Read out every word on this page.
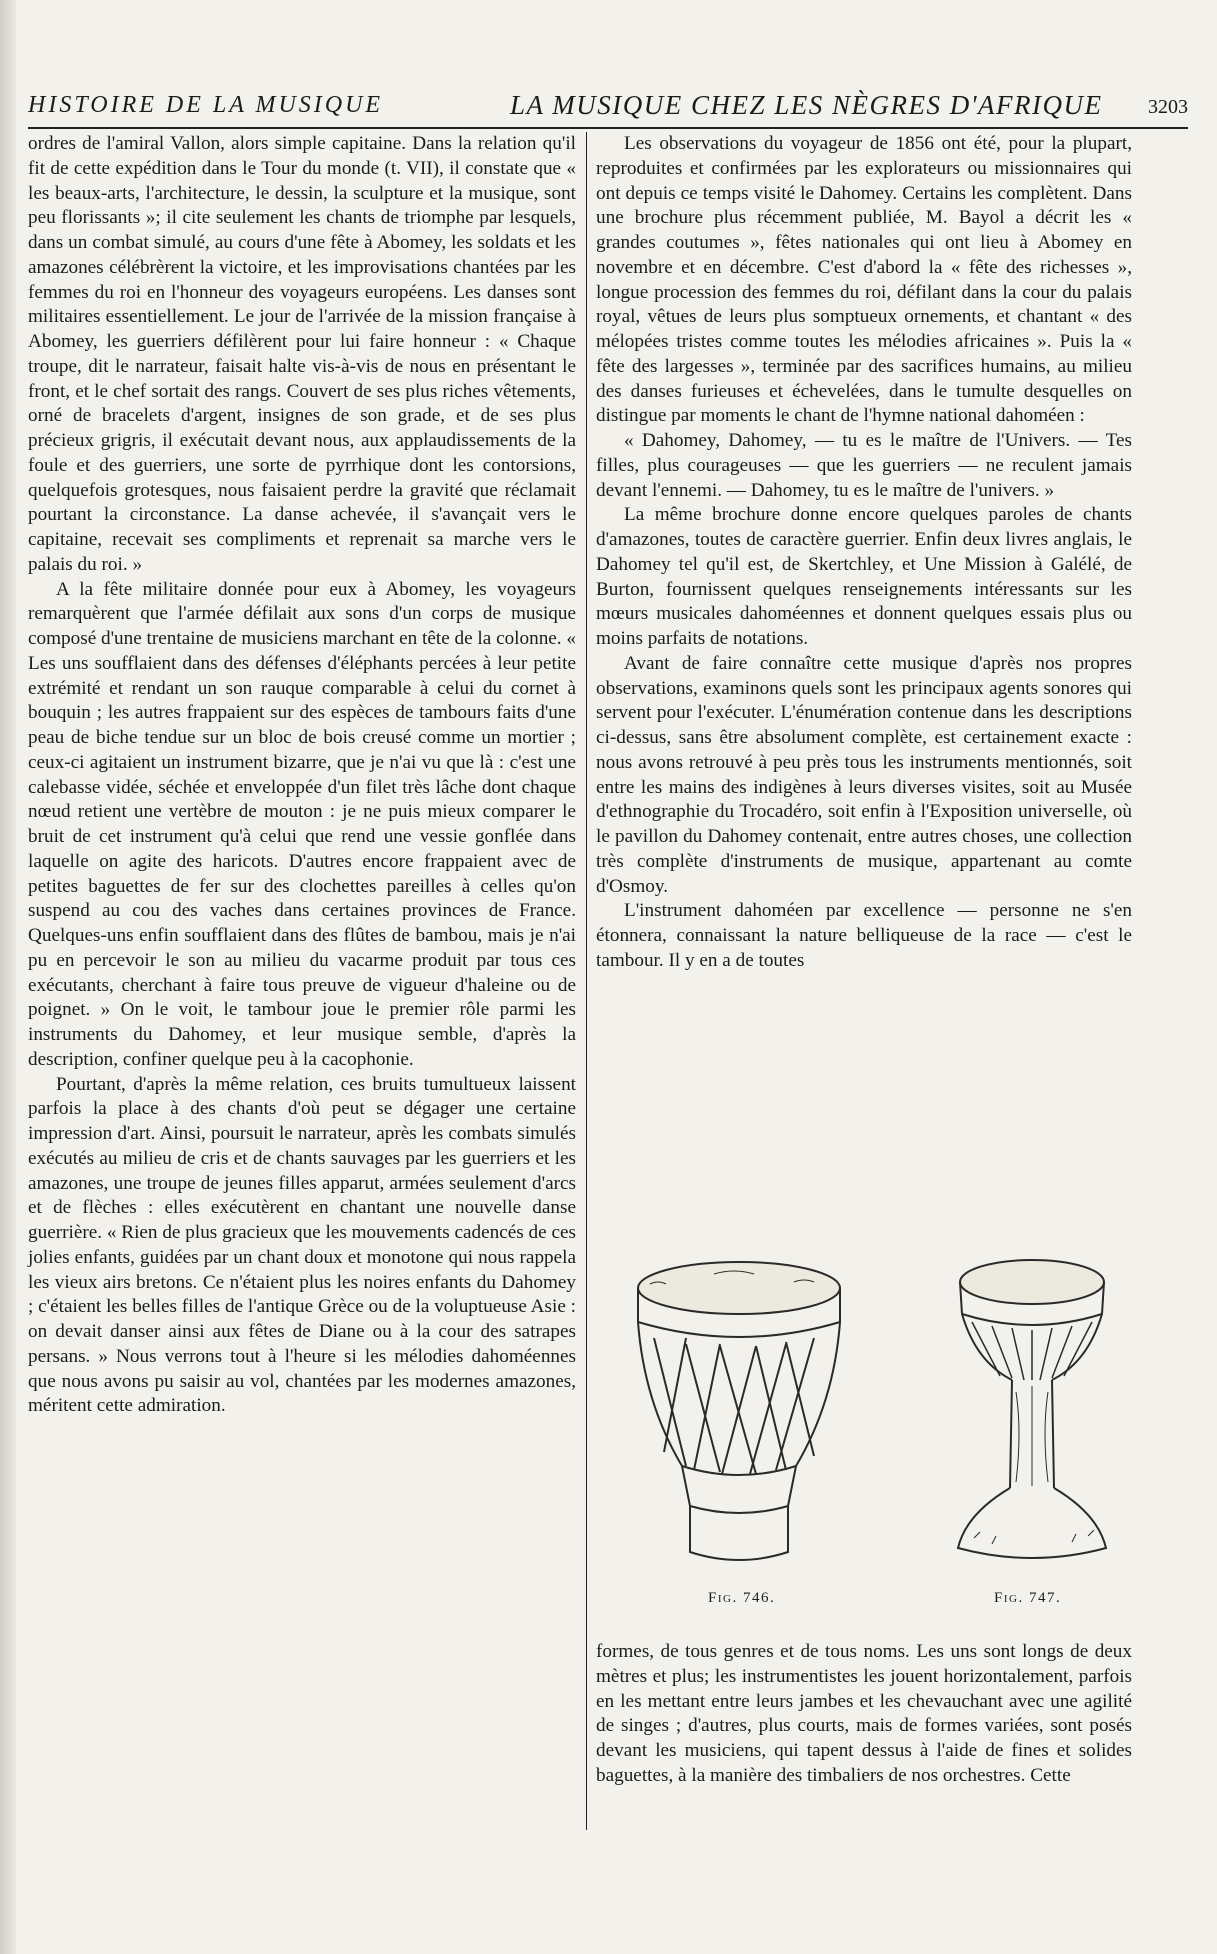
HISTOIRE DE LA MUSIQUE	LA MUSIQUE CHEZ LES NÈGRES D'AFRIQUE 3203

ordres de l'amiral Vallon, alors simple capitaine. Dans la relation qu'il fit de cette expédition dans le Tour du monde (t. VII), il constate que « les beaux-arts, l'architecture, le dessin, la sculpture et la musique, sont peu florissants »; il cite seulement les chants de triomphe par lesquels, dans un combat simulé, au cours d'une fête à Abomey, les soldats et les amazones célébrèrent la victoire, et les improvisations chantées par les femmes du roi en l'honneur des voyageurs européens. Les danses sont militaires essentiellement. Le jour de l'arrivée de la mission française à Abomey, les guerriers défilèrent pour lui faire honneur : « Chaque troupe, dit le narrateur, faisait halte vis-à-vis de nous en présentant le front, et le chef sortait des rangs. Couvert de ses plus riches vêtements, orné de bracelets d'argent, insignes de son grade, et de ses plus précieux grigris, il exécutait devant nous, aux applaudissements de la foule et des guerriers, une sorte de pyrrhique dont les contorsions, quelquefois grotesques, nous faisaient perdre la gravité que réclamait pourtant la circonstance. La danse achevée, il s'avançait vers le capitaine, recevait ses compliments et reprenait sa marche vers le palais du roi. »

A la fête militaire donnée pour eux à Abomey, les voyageurs remarquèrent que l'armée défilait aux sons d'un corps de musique composé d'une trentaine de musiciens marchant en tête de la colonne. « Les uns soufflaient dans des défenses d'éléphants percées à leur petite extrémité et rendant un son rauque comparable à celui du cornet à bouquin ; les autres frappaient sur des espèces de tambours faits d'une peau de biche tendue sur un bloc de bois creusé comme un mortier ; ceux-ci agitaient un instrument bizarre, que je n'ai vu que là : c'est une calebasse vidée, séchée et enveloppée d'un filet très lâche dont chaque nœud retient une vertèbre de mouton : je ne puis mieux comparer le bruit de cet instrument qu'à celui que rend une vessie gonflée dans laquelle on agite des haricots. D'autres encore frappaient avec de petites baguettes de fer sur des clochettes pareilles à celles qu'on suspend au cou des vaches dans certaines provinces de France. Quelques-uns enfin soufflaient dans des flûtes de bambou, mais je n'ai pu en percevoir le son au milieu du vacarme produit par tous ces exécutants, cherchant à faire tous preuve de vigueur d'haleine ou de poignet. » On le voit, le tambour joue le premier rôle parmi les instruments du Dahomey, et leur musique semble, d'après la description, confiner quelque peu à la cacophonie.

Pourtant, d'après la même relation, ces bruits tumultueux laissent parfois la place à des chants d'où peut se dégager une certaine impression d'art. Ainsi, poursuit le narrateur, après les combats simulés exécutés au milieu de cris et de chants sauvages par les guerriers et les amazones, une troupe de jeunes filles apparut, armées seulement d'arcs et de flèches : elles exécutèrent en chantant une nouvelle danse guerrière. « Rien de plus gracieux que les mouvements cadencés de ces jolies enfants, guidées par un chant doux et monotone qui nous rappela les vieux airs bretons. Ce n'étaient plus les noires enfants du Dahomey ; c'étaient les belles filles de l'antique Grèce ou de la voluptueuse Asie : on devait danser ainsi aux fêtes de Diane ou à la cour des satrapes persans. » Nous verrons tout à l'heure si les mélodies dahoméennes que nous avons pu saisir au vol, chantées par les modernes amazones, méritent cette admiration.

Les observations du voyageur de 1856 ont été, pour la plupart, reproduites et confirmées par les explorateurs ou missionnaires qui ont depuis ce temps visité le Dahomey. Certains les complètent. Dans une brochure plus récemment publiée, M. Bayol a décrit les « grandes coutumes », fêtes nationales qui ont lieu à Abomey en novembre et en décembre. C'est d'abord la « fête des richesses », longue procession des femmes du roi, défilant dans la cour du palais royal, vêtues de leurs plus somptueux ornements, et chantant « des mélopées tristes comme toutes les mélodies africaines ». Puis la « fête des largesses », terminée par des sacrifices humains, au milieu des danses furieuses et échevelées, dans le tumulte desquelles on distingue par moments le chant de l'hymne national dahoméen :

« Dahomey, Dahomey, — tu es le maître de l'Univers. — Tes filles, plus courageuses — que les guerriers — ne reculent jamais devant l'ennemi. — Dahomey, tu es le maître de l'univers. »

La même brochure donne encore quelques paroles de chants d'amazones, toutes de caractère guerrier. Enfin deux livres anglais, le Dahomey tel qu'il est, de Skertchley, et Une Mission à Galélé, de Burton, fournissent quelques renseignements intéressants sur les mœurs musicales dahoméennes et donnent quelques essais plus ou moins parfaits de notations.

Avant de faire connaître cette musique d'après nos propres observations, examinons quels sont les principaux agents sonores qui servent pour l'exécuter. L'énumération contenue dans les descriptions ci-dessus, sans être absolument complète, est certainement exacte : nous avons retrouvé à peu près tous les instruments mentionnés, soit entre les mains des indigènes à leurs diverses visites, soit au Musée d'ethnographie du Trocadéro, soit enfin à l'Exposition universelle, où le pavillon du Dahomey contenait, entre autres choses, une collection très complète d'instruments de musique, appartenant au comte d'Osmoy.

L'instrument dahoméen par excellence — personne ne s'en étonnera, connaissant la nature belliqueuse de la race — c'est le tambour. Il y en a de toutes

Fig. 746.	Fig. 747.

formes, de tous genres et de tous noms. Les uns sont longs de deux mètres et plus; les instrumentistes les jouent horizontalement, parfois en les mettant entre leurs jambes et les chevauchant avec une agilité de singes ; d'autres, plus courts, mais de formes variées, sont posés devant les musiciens, qui tapent dessus à l'aide de fines et solides baguettes, à la manière des timbaliers de nos orchestres. Cette
